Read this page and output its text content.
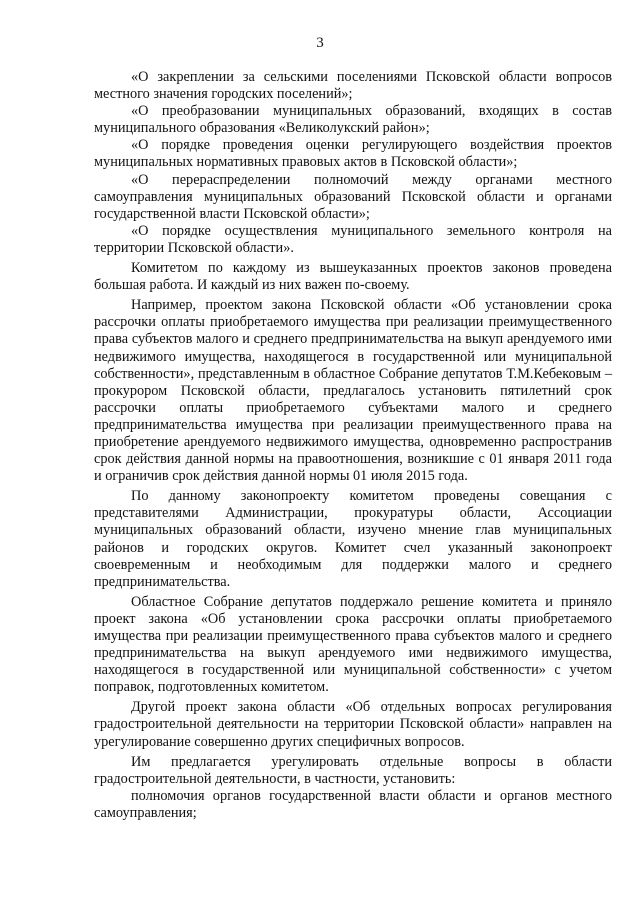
3

«О закреплении за сельскими поселениями Псковской области вопросов местного значения городских поселений»;

«О преобразовании муниципальных образований, входящих в состав муниципального образования «Великолукский район»;

«О порядке проведения оценки регулирующего воздействия проектов муниципальных нормативных правовых актов в Псковской области»;

«О перераспределении полномочий между органами местного самоуправления муниципальных образований Псковской области и органами государственной власти Псковской области»;

«О порядке осуществления муниципального земельного контроля на территории Псковской области».

Комитетом по каждому из вышеуказанных проектов законов проведена большая работа. И каждый из них важен по-своему.

Например, проектом закона Псковской области «Об установлении срока рассрочки оплаты приобретаемого имущества при реализации преимущественного права субъектов малого и среднего предпринимательства на выкуп арендуемого ими недвижимого имущества, находящегося в государственной или муниципальной собственности», представленным в областное Собрание депутатов Т.М.Кебековым – прокурором Псковской области, предлагалось установить пятилетний срок рассрочки оплаты приобретаемого субъектами малого и среднего предпринимательства имущества при реализации преимущественного права на приобретение арендуемого недвижимого имущества, одновременно распространив срок действия данной нормы на правоотношения, возникшие с 01 января 2011 года и ограничив срок действия данной нормы 01 июля 2015 года.

По данному законопроекту комитетом проведены совещания с представителями Администрации, прокуратуры области, Ассоциации муниципальных образований области, изучено мнение глав муниципальных районов и городских округов. Комитет счел указанный законопроект своевременным и необходимым для поддержки малого и среднего предпринимательства.

Областное Собрание депутатов поддержало решение комитета и приняло проект закона «Об установлении срока рассрочки оплаты приобретаемого имущества при реализации преимущественного права субъектов малого и среднего предпринимательства на выкуп арендуемого ими недвижимого имущества, находящегося в государственной или муниципальной собственности» с учетом поправок, подготовленных комитетом.

Другой проект закона области «Об отдельных вопросах регулирования градостроительной деятельности на территории Псковской области» направлен на урегулирование совершенно других специфичных вопросов.

Им предлагается урегулировать отдельные вопросы в области градостроительной деятельности, в частности, установить:

полномочия органов государственной власти области и органов местного самоуправления;
